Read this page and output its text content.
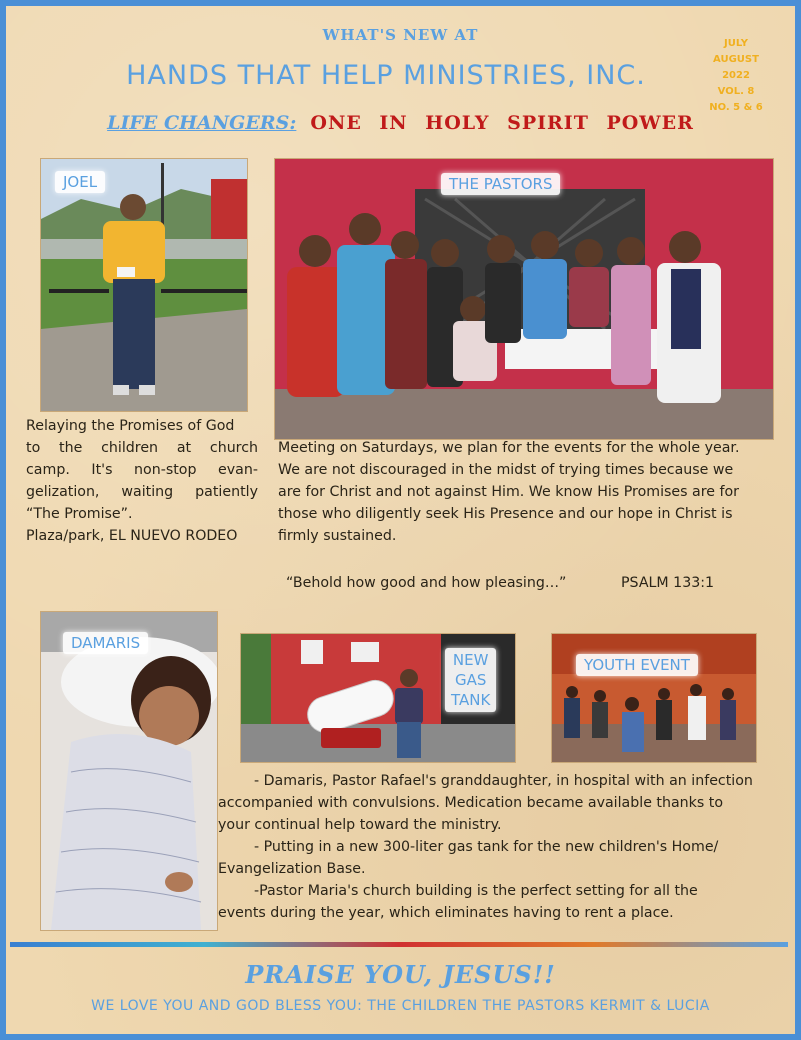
WHAT'S NEW AT
HANDS THAT HELP MINISTRIES, INC.
JULY
AUGUST
2022
VOL. 8
NO. 5 & 6
LIFE CHANGERS: ONE IN HOLY SPIRIT POWER
JOEL	THE PASTORS
Relaying the Promises of God
to the children at church
camp. It's non-stop evan-
gelization, waiting patiently
“The Promise”.
Plaza/park, EL NUEVO RODEO
Meeting on Saturdays, we plan for the events for the whole year.
We are not discouraged in the midst of trying times because we
are for Christ and not against Him. We know His Promises are for
those who diligently seek His Presence and our hope in Christ is
firmly sustained.
“Behold how good and how pleasing…”	PSALM 133:1
DAMARIS
NEW
GAS
TANK
YOUTH EVENT
- Damaris, Pastor Rafael's granddaughter, in hospital with an infection
accompanied with convulsions. Medication became available thanks to
your continual help toward the ministry.
- Putting in a new 300-liter gas tank for the new children's Home/
Evangelization Base.
-Pastor Maria's church building is the perfect setting for all the
events during the year, which eliminates having to rent a place.
PRAISE YOU, JESUS!!
WE LOVE YOU AND GOD BLESS YOU: THE CHILDREN THE PASTORS KERMIT & LUCIA
